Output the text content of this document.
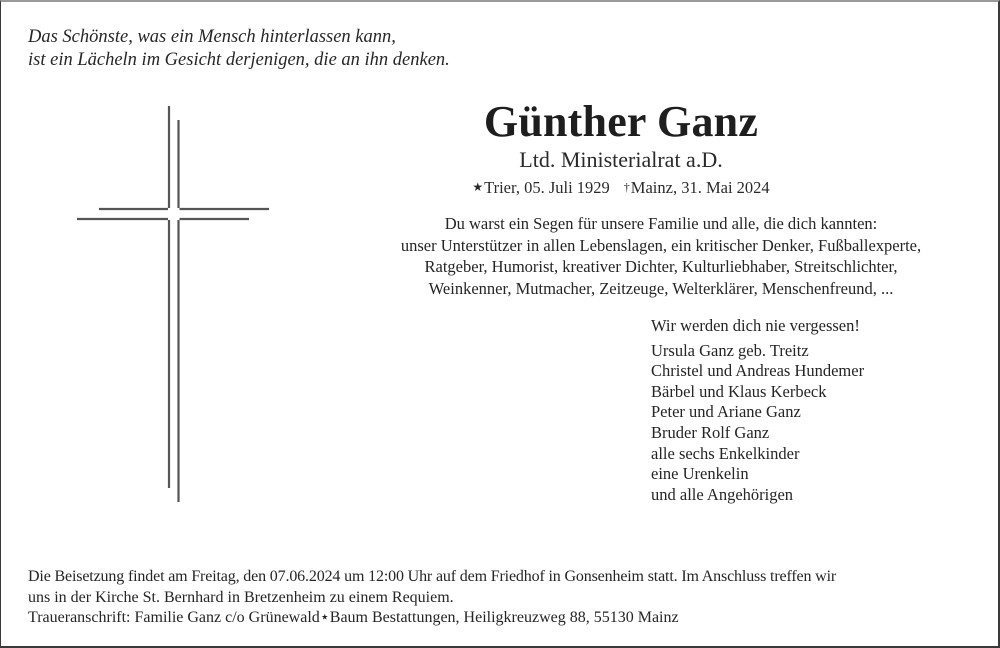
Das Schönste, was ein Mensch hinterlassen kann,
ist ein Lächeln im Gesicht derjenigen, die an ihn denken.
Günther Ganz
Ltd. Ministerialrat a.D.
★Trier, 05. Juli 1929 †Mainz, 31. Mai 2024
Du warst ein Segen für unsere Familie und alle, die dich kannten:
unser Unterstützer in allen Lebenslagen, ein kritischer Denker, Fußballexperte,
Ratgeber, Humorist, kreativer Dichter, Kulturliebhaber, Streitschlichter,
Weinkenner, Mutmacher, Zeitzeuge, Welterklärer, Menschenfreund, ...
Wir werden dich nie vergessen!
Ursula Ganz geb. Treitz
Christel und Andreas Hundemer
Bärbel und Klaus Kerbeck
Peter und Ariane Ganz
Bruder Rolf Ganz
alle sechs Enkelkinder
eine Urenkelin
und alle Angehörigen
Die Beisetzung findet am Freitag, den 07.06.2024 um 12:00 Uhr auf dem Friedhof in Gonsenheim statt. Im Anschluss treffen wir
uns in der Kirche St. Bernhard in Bretzenheim zu einem Requiem.
Traueranschrift: Familie Ganz c/o Grünewald⋆Baum Bestattungen, Heiligkreuzweg 88, 55130 Mainz
